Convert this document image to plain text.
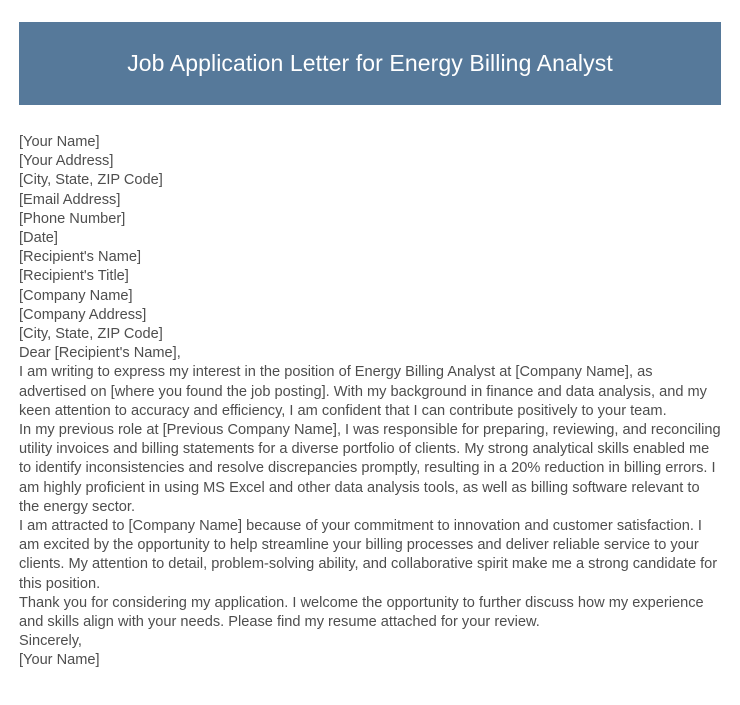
Job Application Letter for Energy Billing Analyst

[Your Name]

[Your Address]

[City, State, ZIP Code]

[Email Address]

[Phone Number]

[Date]

[Recipient's Name]

[Recipient's Title]

[Company Name]

[Company Address]

[City, State, ZIP Code]

Dear [Recipient's Name],

I am writing to express my interest in the position of Energy Billing Analyst at [Company Name], as advertised on [where you found the job posting]. With my background in finance and data analysis, and my keen attention to accuracy and efficiency, I am confident that I can contribute positively to your team.

In my previous role at [Previous Company Name], I was responsible for preparing, reviewing, and reconciling utility invoices and billing statements for a diverse portfolio of clients. My strong analytical skills enabled me to identify inconsistencies and resolve discrepancies promptly, resulting in a 20% reduction in billing errors. I am highly proficient in using MS Excel and other data analysis tools, as well as billing software relevant to the energy sector.

I am attracted to [Company Name] because of your commitment to innovation and customer satisfaction. I am excited by the opportunity to help streamline your billing processes and deliver reliable service to your clients. My attention to detail, problem-solving ability, and collaborative spirit make me a strong candidate for this position.

Thank you for considering my application. I welcome the opportunity to further discuss how my experience and skills align with your needs. Please find my resume attached for your review.

Sincerely,

[Your Name]
